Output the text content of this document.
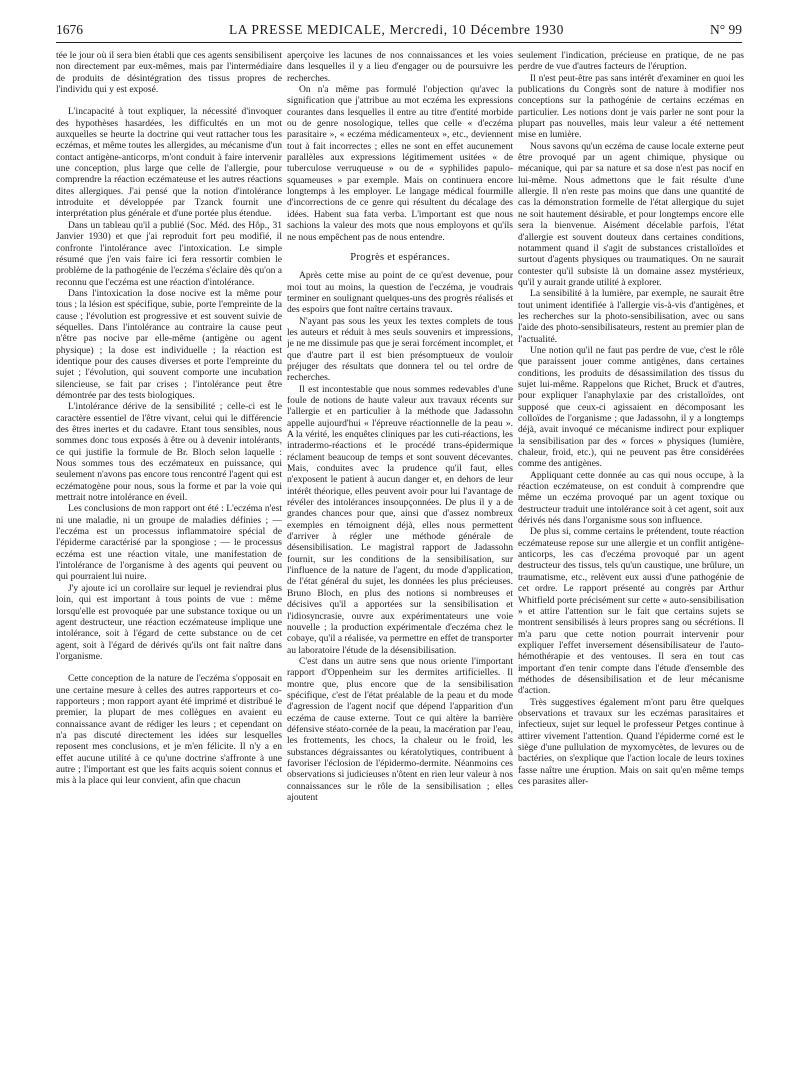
1676	LA PRESSE MEDICALE, Mercredi, 10 Décembre 1930	N° 99

tée le jour où il sera bien établi que ces agents sensibilisent non directement par eux-mêmes, mais par l'intermédiaire de produits de désintégration des tissus propres de l'individu qui y est exposé.

L'incapacité à tout expliquer, la nécessité d'invoquer des hypothèses hasardées, les difficultés en un mot auxquelles se heurte la doctrine qui veut rattacher tous les eczémas, et même toutes les allergides, au mécanisme d'un contact antigène-anticorps, m'ont conduit à faire intervenir une conception, plus large que celle de l'allergie, pour comprendre la réaction eczémateuse et les autres réactions dites allergiques. J'ai pensé que la notion d'intolérance introduite et développée par Tzanck fournit une interprétation plus générale et d'une portée plus étendue.

Dans un tableau qu'il a publié (Soc. Méd. des Hôp., 31 Janvier 1930) et que j'ai reproduit fort peu modifié, il confronte l'intolérance avec l'intoxication. Le simple résumé que j'en vais faire ici fera ressortir combien le problème de la pathogénie de l'eczéma s'éclaire dès qu'on a reconnu que l'eczéma est une réaction d'intolérance.

Dans l'intoxication la dose nocive est la même pour tous ; la lésion est spécifique, subie, porte l'empreinte de la cause ; l'évolution est progressive et est souvent suivie de séquelles. Dans l'intolérance au contraire la cause peut n'être pas nocive par elle-même (antigène ou agent physique) ; la dose est individuelle ; la réaction est identique pour des causes diverses et porte l'empreinte du sujet ; l'évolution, qui souvent comporte une incubation silencieuse, se fait par crises ; l'intolérance peut être démontrée par des tests biologiques.

L'intolérance dérive de la sensibilité ; celle-ci est le caractère essentiel de l'être vivant, celui qui le différencie des êtres inertes et du cadavre. Etant tous sensibles, nous sommes donc tous exposés à être ou à devenir intolérants, ce qui justifie la formule de Br. Bloch selon laquelle : Nous sommes tous des eczémateux en puissance, qui seulement n'avons pas encore tous rencontré l'agent qui est eczématogène pour nous, sous la forme et par la voie qui mettrait notre intolérance en éveil.

Les conclusions de mon rapport ont été : L'eczéma n'est ni une maladie, ni un groupe de maladies définies ; — l'eczéma est un processus inflammatoire spécial de l'épiderme caractérisé par la spongiose ; — le processus eczéma est une réaction vitale, une manifestation de l'intolérance de l'organisme à des agents qui peuvent ou qui pourraient lui nuire.

J'y ajoute ici un corollaire sur lequel je reviendrai plus loin, qui est important à tous points de vue : même lorsqu'elle est provoquée par une substance toxique ou un agent destructeur, une réaction eczémateuse implique une intolérance, soit à l'égard de cette substance ou de cet agent, soit à l'égard de dérivés qu'ils ont fait naître dans l'organisme.

Cette conception de la nature de l'eczéma s'opposait en une certaine mesure à celles des autres rapporteurs et co-rapporteurs ; mon rapport ayant été imprimé et distribué le premier, la plupart de mes collègues en avaient eu connaissance avant de rédiger les leurs ; et cependant on n'a pas discuté directement les idées sur lesquelles reposent mes conclusions, et je m'en félicite. Il n'y a en effet aucune utilité à ce qu'une doctrine s'affronte à une autre ; l'important est que les faits acquis soient connus et mis à la place qui leur convient, afin que chacun

aperçoive les lacunes de nos connaissances et les voies dans lesquelles il y a lieu d'engager ou de poursuivre les recherches.

On n'a même pas formulé l'objection qu'avec la signification que j'attribue au mot eczéma les expressions courantes dans lesquelles il entre au titre d'entité morbide ou de genre nosologique, telles que celle « d'eczéma parasitaire », « eczéma médicamenteux », etc., deviennent tout à fait incorrectes ; elles ne sont en effet aucunement parallèles aux expressions légitimement usitées « de tuberculose verruqueuse » ou de « syphilides papulo-squameuses » par exemple. Mais on continuera encore longtemps à les employer. Le langage médical fourmille d'incorrections de ce genre qui résultent du décalage des idées. Habent sua fata verba. L'important est que nous sachions la valeur des mots que nous employons et qu'ils ne nous empêchent pas de nous entendre.

Progrès et espérances.

Après cette mise au point de ce qu'est devenue, pour moi tout au moins, la question de l'eczéma, je voudrais terminer en soulignant quelques-uns des progrès réalisés et des espoirs que font naître certains travaux.

N'ayant pas sous les yeux les textes complets de tous les auteurs et réduit à mes seuls souvenirs et impressions, je ne me dissimule pas que je serai forcément incomplet, et que d'autre part il est bien présomptueux de vouloir préjuger des résultats que donnera tel ou tel ordre de recherches.

Il est incontestable que nous sommes redevables d'une foule de notions de haute valeur aux travaux récents sur l'allergie et en particulier à la méthode que Jadassohn appelle aujourd'hui « l'épreuve réactionnelle de la peau ». A la vérité, les enquêtes cliniques par les cuti-réactions, les intradermo-réactions et le procédé trans-épidermique réclament beaucoup de temps et sont souvent décevantes. Mais, conduites avec la prudence qu'il faut, elles n'exposent le patient à aucun danger et, en dehors de leur intérêt théorique, elles peuvent avoir pour lui l'avantage de révéler des intolérances insoupçonnées. De plus il y a de grandes chances pour que, ainsi que d'assez nombreux exemples en témoignent déjà, elles nous permettent d'arriver à régler une méthode générale de désensibilisation. Le magistral rapport de Jadassohn fournit, sur les conditions de la sensibilisation, sur l'influence de la nature de l'agent, du mode d'application, de l'état général du sujet, les données les plus précieuses. Bruno Bloch, en plus des notions si nombreuses et décisives qu'il a apportées sur la sensibilisation et l'idiosyncrasie, ouvre aux expérimentateurs une voie nouvelle ; la production expérimentale d'eczéma chez le cobaye, qu'il a réalisée, va permettre en effet de transporter au laboratoire l'étude de la désensibilisation.

C'est dans un autre sens que nous oriente l'important rapport d'Oppenheim sur les dermites artificielles. Il montre que, plus encore que de la sensibilisation spécifique, c'est de l'état préalable de la peau et du mode d'agression de l'agent nocif que dépend l'apparition d'un eczéma de cause externe. Tout ce qui altère la barrière défensive stéato-cornée de la peau, la macération par l'eau, les frottements, les chocs, la chaleur ou le froid, les substances dégraissantes ou kératolytiques, contribuent à favoriser l'éclosion de l'épidermo-dermite. Néanmoins ces observations si judicieuses n'ôtent en rien leur valeur à nos connaissances sur le rôle de la sensibilisation ; elles ajoutent

seulement l'indication, précieuse en pratique, de ne pas perdre de vue d'autres facteurs de l'éruption.

Il n'est peut-être pas sans intérêt d'examiner en quoi les publications du Congrès sont de nature à modifier nos conceptions sur la pathogénie de certains eczémas en particulier. Les notions dont je vais parler ne sont pour la plupart pas nouvelles, mais leur valeur a été nettement mise en lumière.

Nous savons qu'un eczéma de cause locale externe peut être provoqué par un agent chimique, physique ou mécanique, qui par sa nature et sa dose n'est pas nocif en lui-même. Nous admettons que le fait résulte d'une allergie. Il n'en reste pas moins que dans une quantité de cas la démonstration formelle de l'état allergique du sujet ne soit hautement désirable, et pour longtemps encore elle sera la bienvenue. Aisément décelable parfois, l'état d'allergie est souvent douteux dans certaines conditions, notamment quand il s'agit de substances cristalloïdes et surtout d'agents physiques ou traumatiques. On ne saurait contester qu'il subsiste là un domaine assez mystérieux, qu'il y aurait grande utilité à explorer.

La sensibilité à la lumière, par exemple, ne saurait être tout uniment identifiée à l'allergie vis-à-vis d'antigènes, et les recherches sur la photo-sensibilisation, avec ou sans l'aide des photo-sensibilisateurs, restent au premier plan de l'actualité.

Une notion qu'il ne faut pas perdre de vue, c'est le rôle que paraissent jouer comme antigènes, dans certaines conditions, les produits de désassimilation des tissus du sujet lui-même. Rappelons que Richet, Bruck et d'autres, pour expliquer l'anaphylaxie par des cristalloïdes, ont supposé que ceux-ci agissaient en décomposant les colloïdes de l'organisme ; que Jadassohn, il y a longtemps déjà, avait invoqué ce mécanisme indirect pour expliquer la sensibilisation par des « forces » physiques (lumière, chaleur, froid, etc.), qui ne peuvent pas être considérées comme des antigènes.

Appliquant cette donnée au cas qui nous occupe, à la réaction eczémateuse, on est conduit à comprendre que même un eczéma provoqué par un agent toxique ou destructeur traduit une intolérance soit à cet agent, soit aux dérivés nés dans l'organisme sous son influence.

De plus si, comme certains le prétendent, toute réaction eczémateuse repose sur une allergie et un conflit antigène-anticorps, les cas d'eczéma provoqué par un agent destructeur des tissus, tels qu'un caustique, une brûlure, un traumatisme, etc., relèvent eux aussi d'une pathogénie de cet ordre. Le rapport présenté au congrès par Arthur Whitfield porte précisément sur cette « auto-sensibilisation » et attire l'attention sur le fait que certains sujets se montrent sensibilisés à leurs propres sang ou sécrétions. Il m'a paru que cette notion pourrait intervenir pour expliquer l'effet inversement désensibilisateur de l'auto-hémothérapie et des ventouses. Il sera en tout cas important d'en tenir compte dans l'étude d'ensemble des méthodes de désensibilisation et de leur mécanisme d'action.

Très suggestives également m'ont paru être quelques observations et travaux sur les eczémas parasitaires et infectieux, sujet sur lequel le professeur Petges continue à attirer vivement l'attention. Quand l'épiderme corné est le siège d'une pullulation de myxomycètes, de levures ou de bactéries, on s'explique que l'action locale de leurs toxines fasse naître une éruption. Mais on sait qu'en même temps ces parasites aller-
